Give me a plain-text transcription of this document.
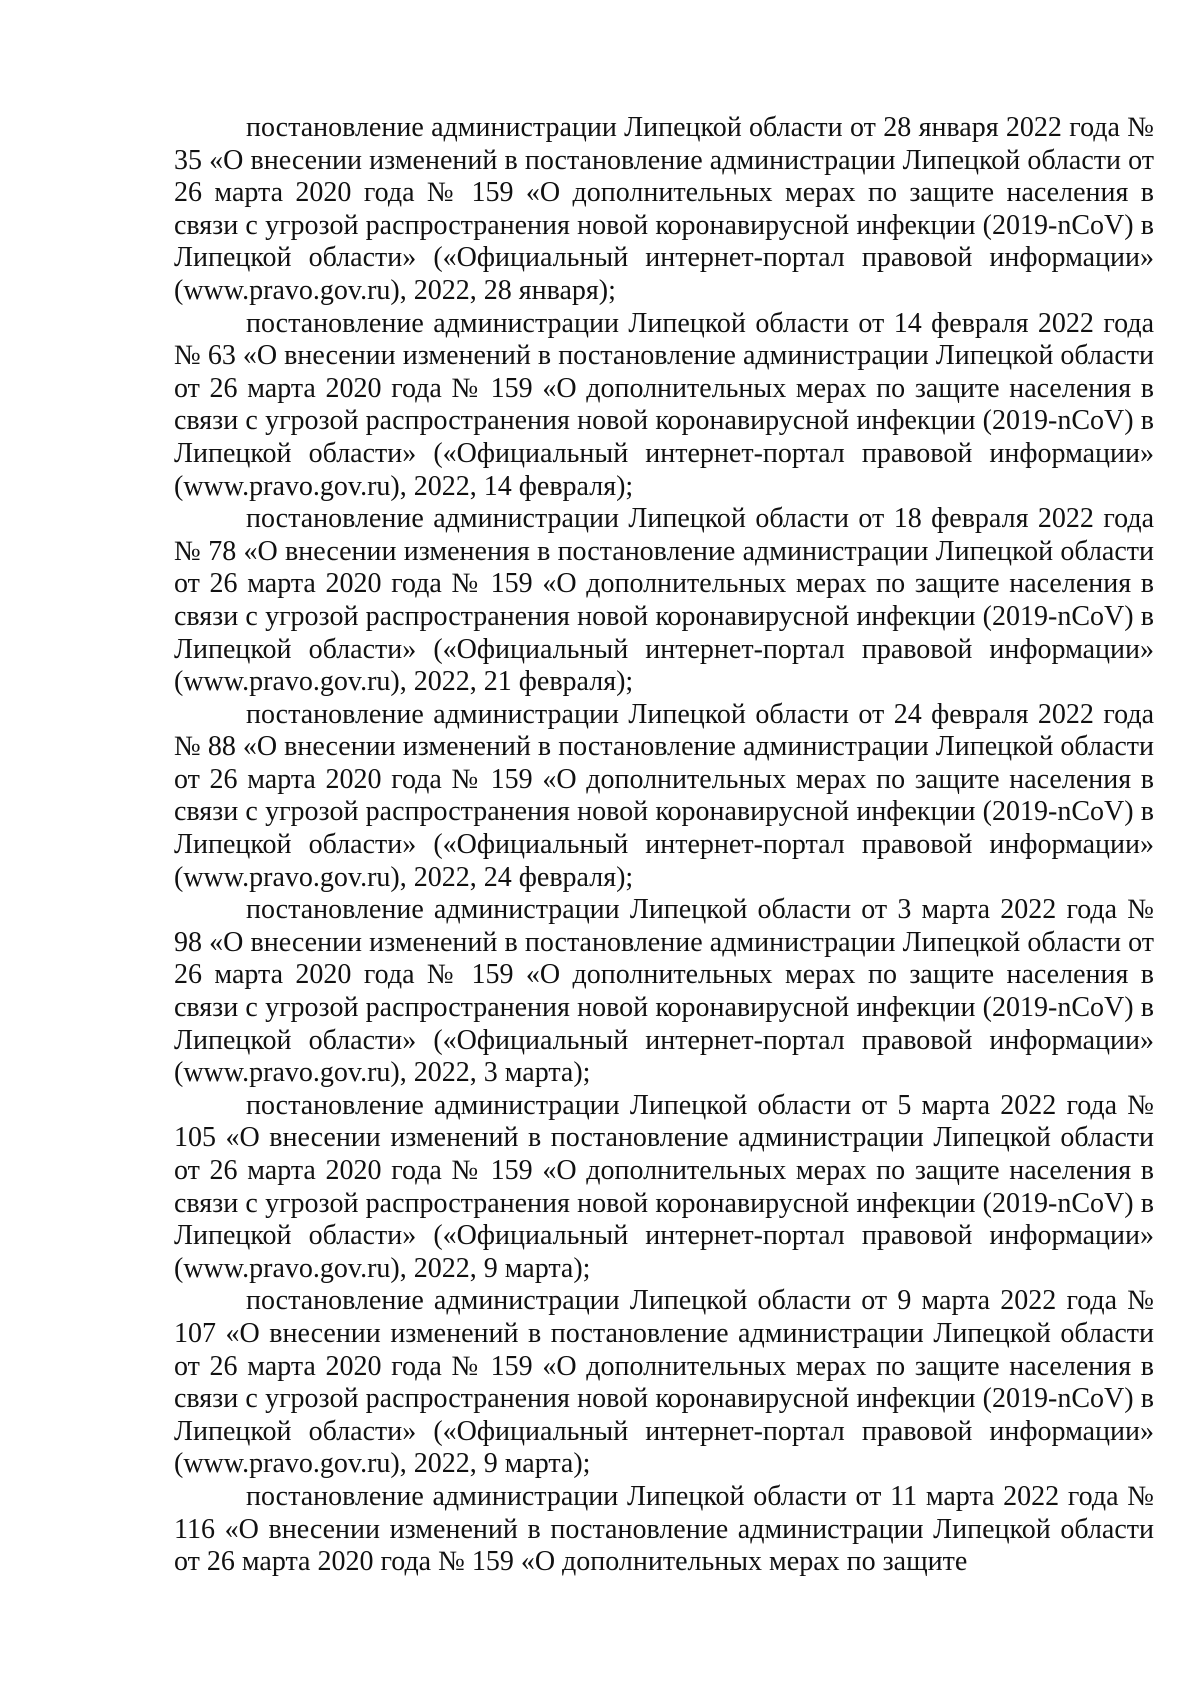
постановление администрации Липецкой области от 28 января 2022 года № 35 «О внесении изменений в постановление администрации Липецкой области от 26 марта 2020 года № 159 «О дополнительных мерах по защите населения в связи с угрозой распространения новой коронавирусной инфекции (2019-nCoV) в Липецкой области» («Официальный интернет-портал правовой информации» (www.pravo.gov.ru), 2022, 28 января);

постановление администрации Липецкой области от 14 февраля 2022 года № 63 «О внесении изменений в постановление администрации Липецкой области от 26 марта 2020 года № 159 «О дополнительных мерах по защите населения в связи с угрозой распространения новой коронавирусной инфекции (2019-nCoV) в Липецкой области» («Официальный интернет-портал правовой информации» (www.pravo.gov.ru), 2022, 14 февраля);

постановление администрации Липецкой области от 18 февраля 2022 года № 78 «О внесении изменения в постановление администрации Липецкой области от 26 марта 2020 года № 159 «О дополнительных мерах по защите населения в связи с угрозой распространения новой коронавирусной инфекции (2019-nCoV) в Липецкой области» («Официальный интернет-портал правовой информации» (www.pravo.gov.ru), 2022, 21 февраля);

постановление администрации Липецкой области от 24 февраля 2022 года № 88 «О внесении изменений в постановление администрации Липецкой области от 26 марта 2020 года № 159 «О дополнительных мерах по защите населения в связи с угрозой распространения новой коронавирусной инфекции (2019-nCoV) в Липецкой области» («Официальный интернет-портал правовой информации» (www.pravo.gov.ru), 2022, 24 февраля);

постановление администрации Липецкой области от 3 марта 2022 года № 98 «О внесении изменений в постановление администрации Липецкой области от 26 марта 2020 года № 159 «О дополнительных мерах по защите населения в связи с угрозой распространения новой коронавирусной инфекции (2019-nCoV) в Липецкой области» («Официальный интернет-портал правовой информации» (www.pravo.gov.ru), 2022, 3 марта);

постановление администрации Липецкой области от 5 марта 2022 года № 105 «О внесении изменений в постановление администрации Липецкой области от 26 марта 2020 года № 159 «О дополнительных мерах по защите населения в связи с угрозой распространения новой коронавирусной инфекции (2019-nCoV) в Липецкой области» («Официальный интернет-портал правовой информации» (www.pravo.gov.ru), 2022, 9 марта);

постановление администрации Липецкой области от 9 марта 2022 года № 107 «О внесении изменений в постановление администрации Липецкой области от 26 марта 2020 года № 159 «О дополнительных мерах по защите населения в связи с угрозой распространения новой коронавирусной инфекции (2019-nCoV) в Липецкой области» («Официальный интернет-портал правовой информации» (www.pravo.gov.ru), 2022, 9 марта);

постановление администрации Липецкой области от 11 марта 2022 года № 116 «О внесении изменений в постановление администрации Липецкой области от 26 марта 2020 года № 159 «О дополнительных мерах по защите
